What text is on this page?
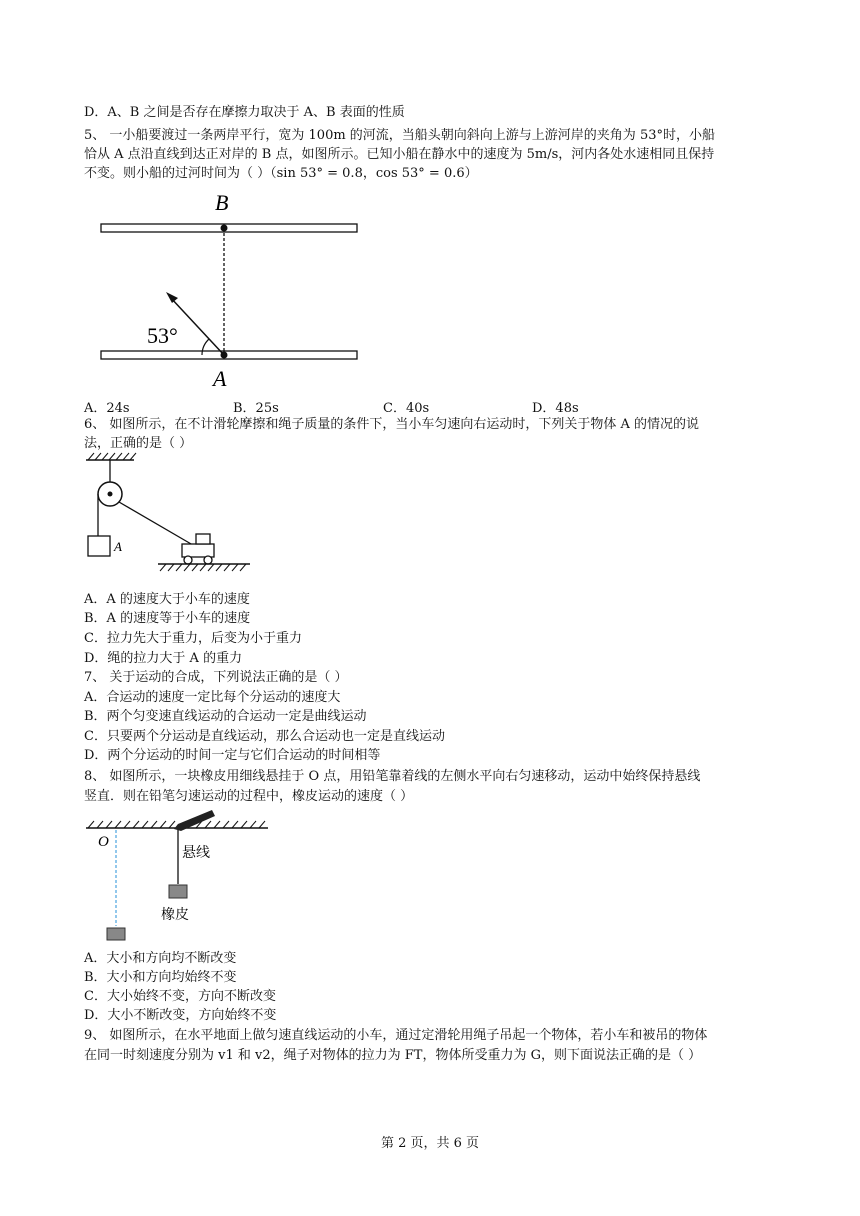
D．A、B 之间是否存在摩擦力取决于 A、B 表面的性质
5、 一小船要渡过一条两岸平行，宽为 100m 的河流，当船头朝向斜向上游与上游河岸的夹角为 53°时，小船
恰从 A 点沿直线到达正对岸的 B 点，如图所示。已知小船在静水中的速度为 5m/s，河内各处水速相同且保持
不变。则小船的过河时间为（ ）（sin 53° = 0.8，cos 53° = 0.6）
B
A
53°
A．24s	B．25s	C．40s	D．48s
6、 如图所示，在不计滑轮摩擦和绳子质量的条件下，当小车匀速向右运动时，下列关于物体 A 的情况的说
法，正确的是（ ）
A
A．A 的速度大于小车的速度
B．A 的速度等于小车的速度
C．拉力先大于重力，后变为小于重力
D．绳的拉力大于 A 的重力
7、 关于运动的合成，下列说法正确的是（ ）
A．合运动的速度一定比每个分运动的速度大
B．两个匀变速直线运动的合运动一定是曲线运动
C．只要两个分运动是直线运动，那么合运动也一定是直线运动
D．两个分运动的时间一定与它们合运动的时间相等
8、 如图所示，一块橡皮用细线悬挂于 O 点，用铅笔靠着线的左侧水平向右匀速移动，运动中始终保持悬线
竖直．则在铅笔匀速运动的过程中，橡皮运动的速度（ ）
O
悬线
橡皮
A．大小和方向均不断改变
B．大小和方向均始终不变
C．大小始终不变，方向不断改变
D．大小不断改变，方向始终不变
9、 如图所示，在水平地面上做匀速直线运动的小车，通过定滑轮用绳子吊起一个物体，若小车和被吊的物体
在同一时刻速度分别为 v1 和 v2，绳子对物体的拉力为 FT，物体所受重力为 G，则下面说法正确的是（ ）
第 2 页，共 6 页
